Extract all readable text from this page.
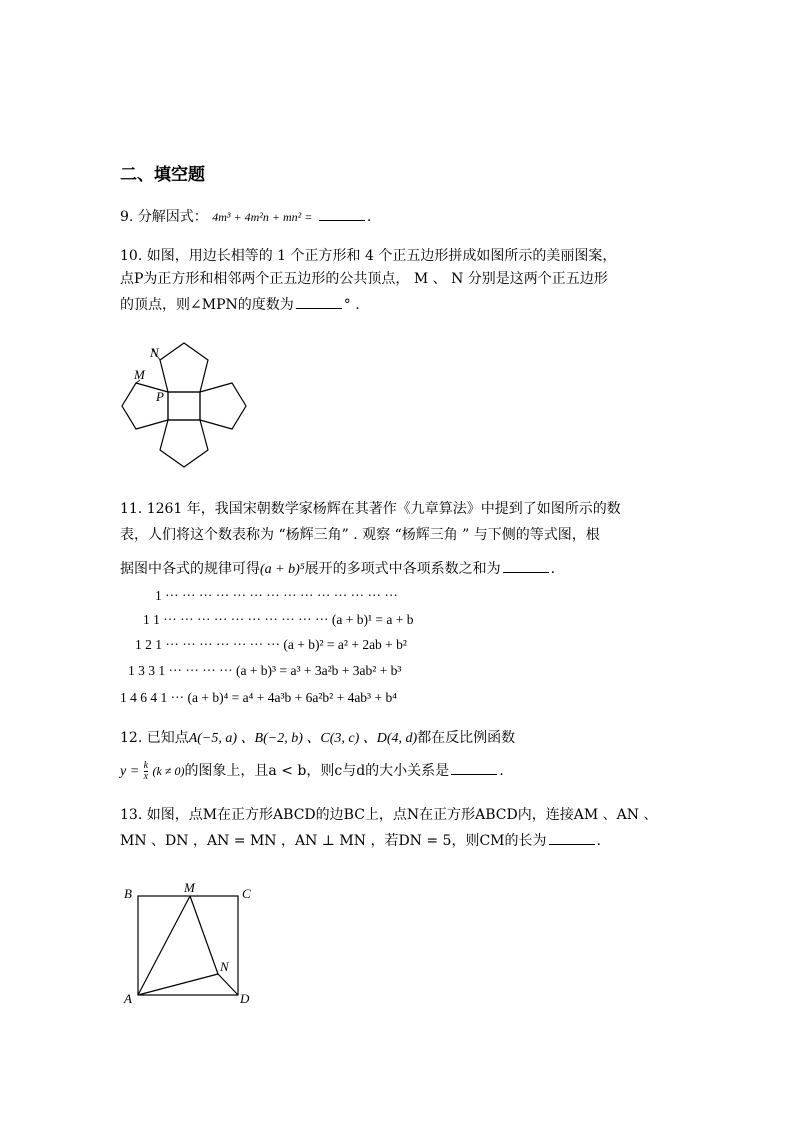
二、填空题
9. 分解因式： 4m³ + 4m²n + mn² =	.
10. 如图，用边长相等的 1 个正方形和 4 个正五边形拼成如图所示的美丽图案，
点P为正方形和相邻两个正五边形的公共顶点， M 、 N 分别是这两个正五边形
的顶点，则∠MPN的度数为	° .
N
M
P
11. 1261 年，我国宋朝数学家杨辉在其著作《九章算法》中提到了如图所示的数
表，人们将这个数表称为 “杨辉三角” . 观察 “杨辉三角 ” 与下侧的等式图，根
据图中各式的规律可得(a + b)⁵展开的多项式中各项系数之和为	.
1 ··· ··· ··· ··· ··· ··· ··· ··· ··· ··· ··· ··· ··· ···
1 1 ··· ··· ··· ··· ··· ··· ··· ··· ··· ··· (a + b)¹ = a + b
1 2 1 ··· ··· ··· ··· ··· ··· ··· (a + b)² = a² + 2ab + b²
1 3 3 1 ··· ··· ··· ··· (a + b)³ = a³ + 3a²b + 3ab² + b³
1 4 6 4 1 ··· (a + b)⁴ = a⁴ + 4a³b + 6a²b² + 4ab³ + b⁴
12. 已知点A(−5, a) 、B(−2, b) 、C(3, c) 、D(4, d)都在反比例函数
$y = \frac{k}{x} (k \ne 0)$的图象上，且a < b，则c与d的大小关系是	.
13. 如图，点M在正方形ABCD的边BC上，点N在正方形ABCD内，连接AM 、AN 、
MN 、DN ，AN = MN ，AN ⊥ MN ，若DN = 5，则CM的长为	.
B	M	C
N
A	D
